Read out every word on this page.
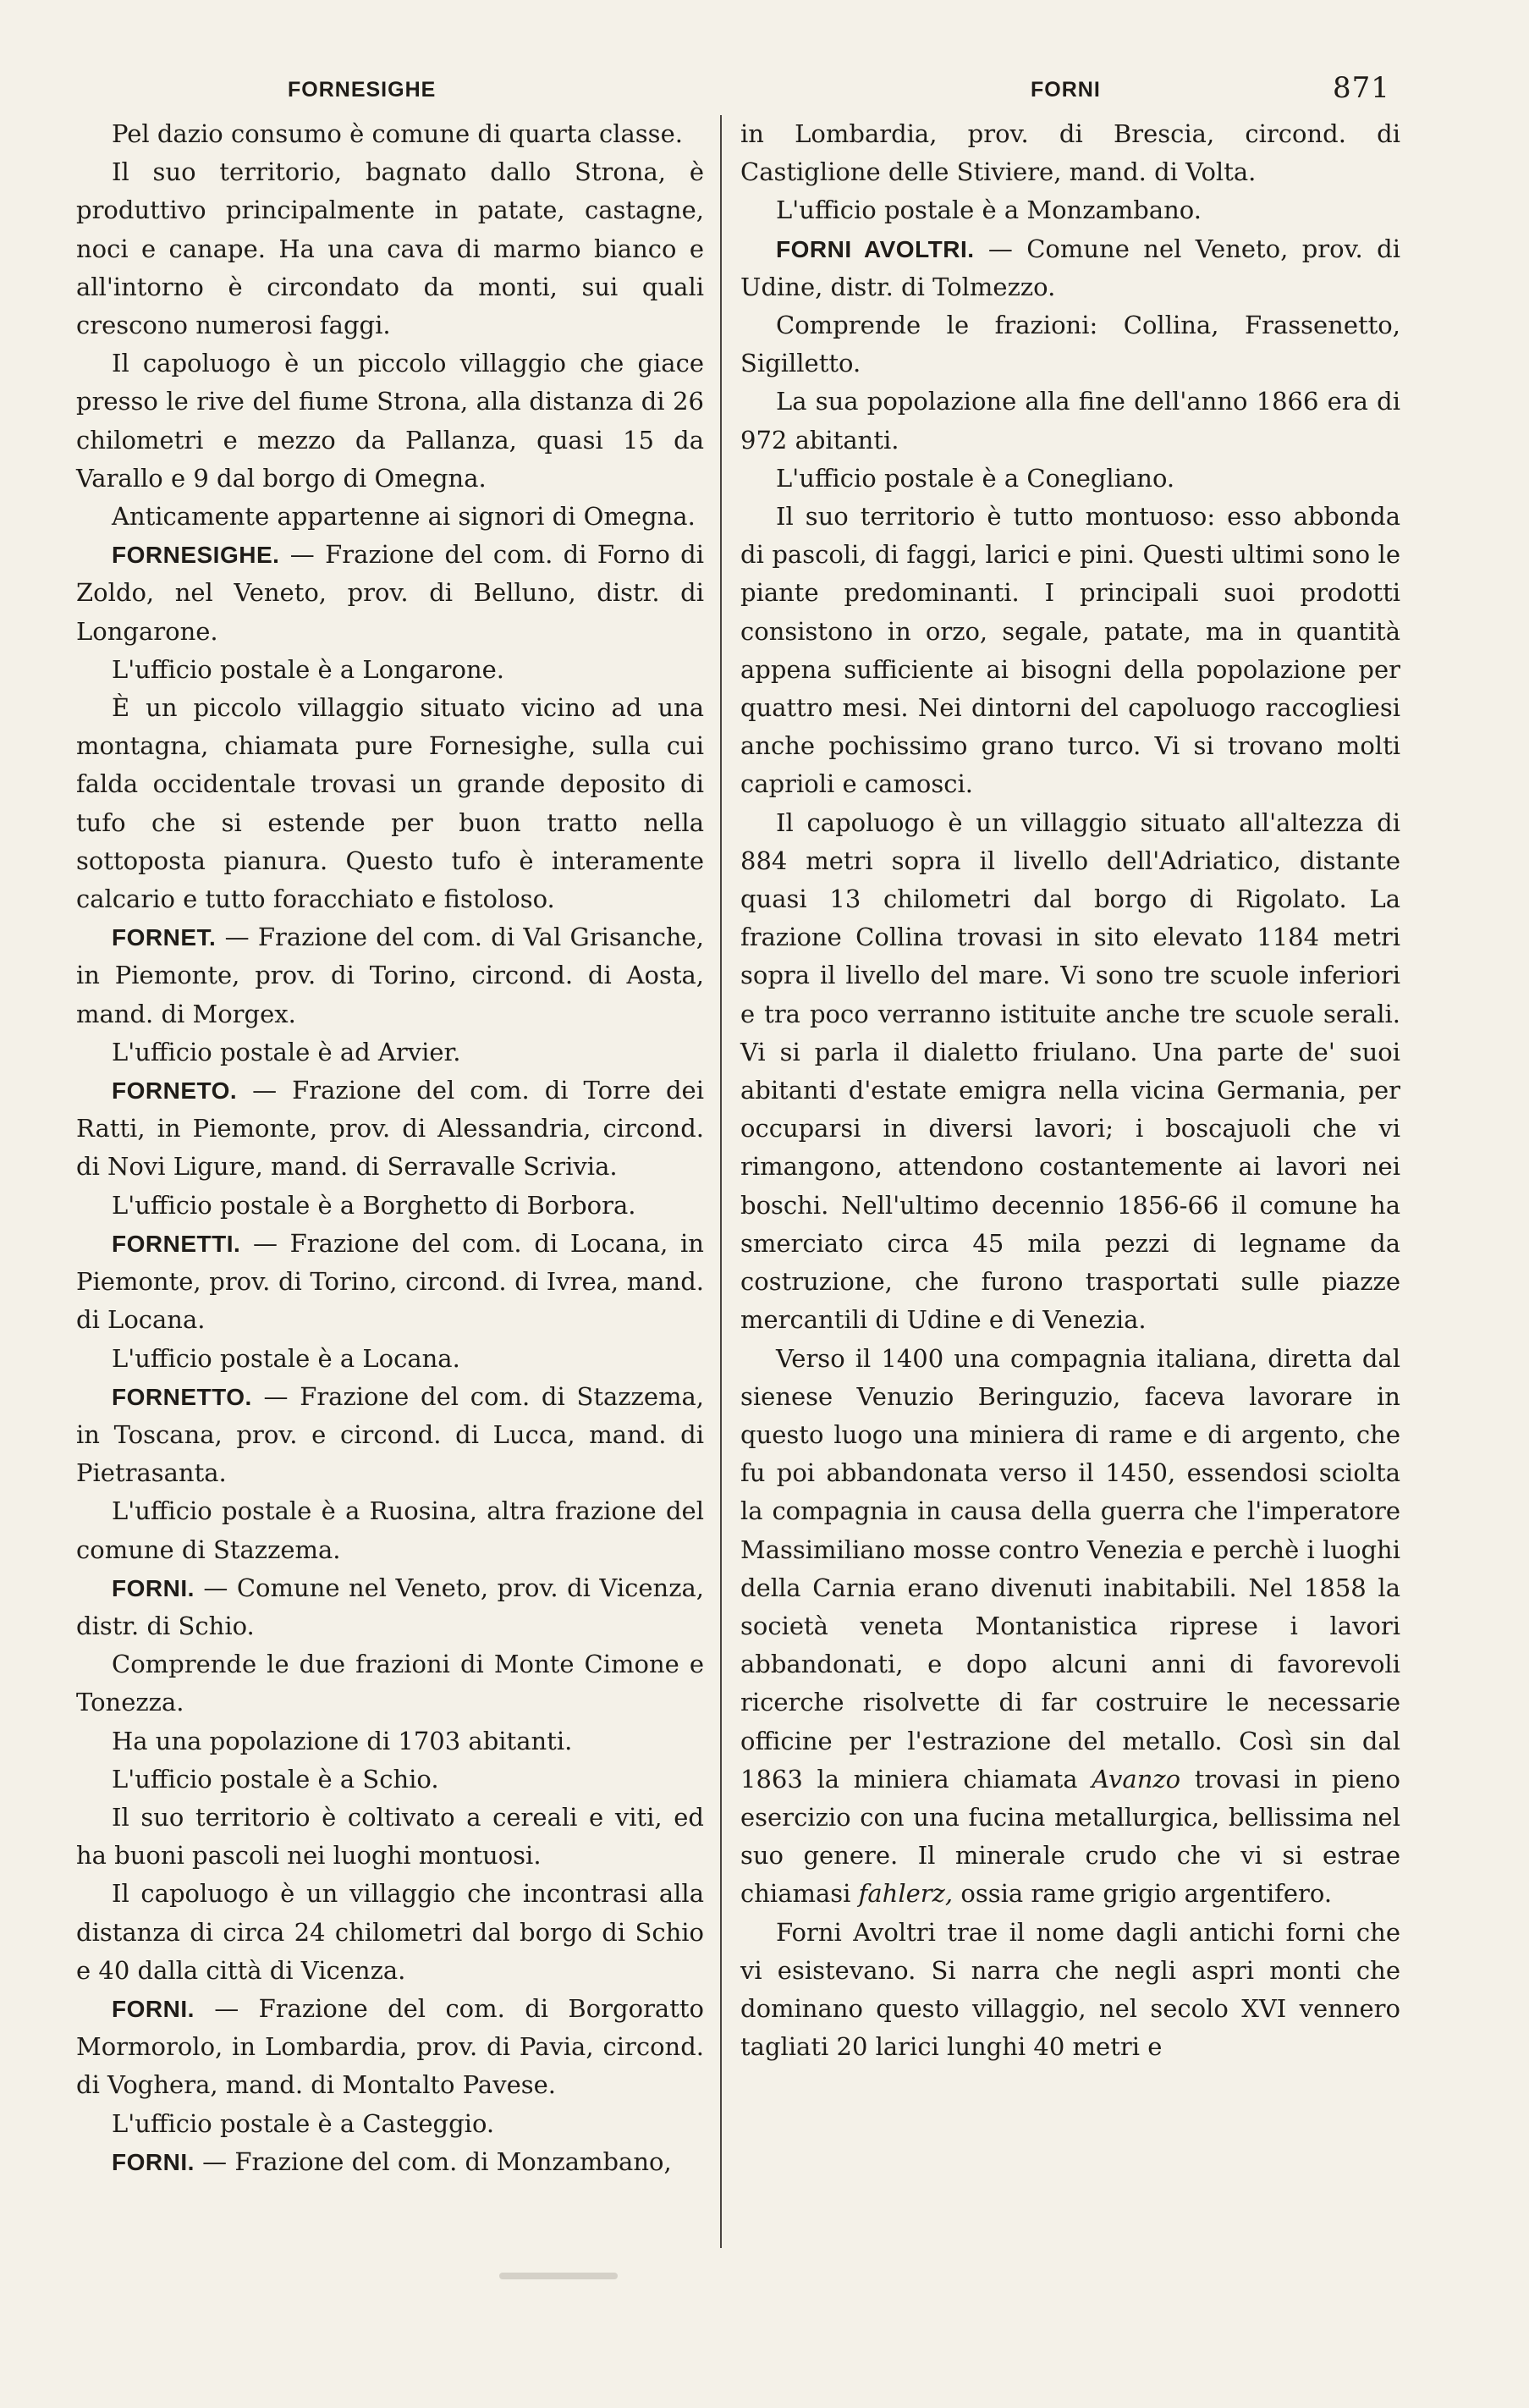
FORNESIGHE	FORNI	871

Pel dazio consumo è comune di quarta classe.

Il suo territorio, bagnato dallo Strona, è produttivo principalmente in patate, castagne, noci e canape. Ha una cava di marmo bianco e all'intorno è circondato da monti, sui quali crescono numerosi faggi.

Il capoluogo è un piccolo villaggio che giace presso le rive del fiume Strona, alla distanza di 26 chilometri e mezzo da Pallanza, quasi 15 da Varallo e 9 dal borgo di Omegna.

Anticamente appartenne ai signori di Omegna.

FORNESIGHE. — Frazione del com. di Forno di Zoldo, nel Veneto, prov. di Belluno, distr. di Longarone.

L'ufficio postale è a Longarone.

È un piccolo villaggio situato vicino ad una montagna, chiamata pure Fornesighe, sulla cui falda occidentale trovasi un grande deposito di tufo che si estende per buon tratto nella sottoposta pianura. Questo tufo è interamente calcario e tutto foracchiato e fistoloso.

FORNET. — Frazione del com. di Val Grisanche, in Piemonte, prov. di Torino, circond. di Aosta, mand. di Morgex.

L'ufficio postale è ad Arvier.

FORNETO. — Frazione del com. di Torre dei Ratti, in Piemonte, prov. di Alessandria, circond. di Novi Ligure, mand. di Serravalle Scrivia.

L'ufficio postale è a Borghetto di Borbora.

FORNETTI. — Frazione del com. di Locana, in Piemonte, prov. di Torino, circond. di Ivrea, mand. di Locana.

L'ufficio postale è a Locana.

FORNETTO. — Frazione del com. di Stazzema, in Toscana, prov. e circond. di Lucca, mand. di Pietrasanta.

L'ufficio postale è a Ruosina, altra frazione del comune di Stazzema.

FORNI. — Comune nel Veneto, prov. di Vicenza, distr. di Schio.

Comprende le due frazioni di Monte Cimone e Tonezza.

Ha una popolazione di 1703 abitanti.

L'ufficio postale è a Schio.

Il suo territorio è coltivato a cereali e viti, ed ha buoni pascoli nei luoghi montuosi.

Il capoluogo è un villaggio che incontrasi alla distanza di circa 24 chilometri dal borgo di Schio e 40 dalla città di Vicenza.

FORNI. — Frazione del com. di Borgoratto Mormorolo, in Lombardia, prov. di Pavia, circond. di Voghera, mand. di Montalto Pavese.

L'ufficio postale è a Casteggio.

FORNI. — Frazione del com. di Monzambano,

in Lombardia, prov. di Brescia, circond. di Castiglione delle Stiviere, mand. di Volta.

L'ufficio postale è a Monzambano.

FORNI AVOLTRI. — Comune nel Veneto, prov. di Udine, distr. di Tolmezzo.

Comprende le frazioni: Collina, Frassenetto, Sigilletto.

La sua popolazione alla fine dell'anno 1866 era di 972 abitanti.

L'ufficio postale è a Conegliano.

Il suo territorio è tutto montuoso: esso abbonda di pascoli, di faggi, larici e pini. Questi ultimi sono le piante predominanti. I principali suoi prodotti consistono in orzo, segale, patate, ma in quantità appena sufficiente ai bisogni della popolazione per quattro mesi. Nei dintorni del capoluogo raccogliesi anche pochissimo grano turco. Vi si trovano molti caprioli e camosci.

Il capoluogo è un villaggio situato all'altezza di 884 metri sopra il livello dell'Adriatico, distante quasi 13 chilometri dal borgo di Rigolato. La frazione Collina trovasi in sito elevato 1184 metri sopra il livello del mare. Vi sono tre scuole inferiori e tra poco verranno istituite anche tre scuole serali. Vi si parla il dialetto friulano. Una parte de' suoi abitanti d'estate emigra nella vicina Germania, per occuparsi in diversi lavori; i boscajuoli che vi rimangono, attendono costantemente ai lavori nei boschi. Nell'ultimo decennio 1856-66 il comune ha smerciato circa 45 mila pezzi di legname da costruzione, che furono trasportati sulle piazze mercantili di Udine e di Venezia.

Verso il 1400 una compagnia italiana, diretta dal sienese Venuzio Beringuzio, faceva lavorare in questo luogo una miniera di rame e di argento, che fu poi abbandonata verso il 1450, essendosi sciolta la compagnia in causa della guerra che l'imperatore Massimiliano mosse contro Venezia e perchè i luoghi della Carnia erano divenuti inabitabili. Nel 1858 la società veneta Montanistica riprese i lavori abbandonati, e dopo alcuni anni di favorevoli ricerche risolvette di far costruire le necessarie officine per l'estrazione del metallo. Così sin dal 1863 la miniera chiamata Avanzo trovasi in pieno esercizio con una fucina metallurgica, bellissima nel suo genere. Il minerale crudo che vi si estrae chiamasi fahlerz, ossia rame grigio argentifero.

Forni Avoltri trae il nome dagli antichi forni che vi esistevano. Si narra che negli aspri monti che dominano questo villaggio, nel secolo XVI vennero tagliati 20 larici lunghi 40 metri e
